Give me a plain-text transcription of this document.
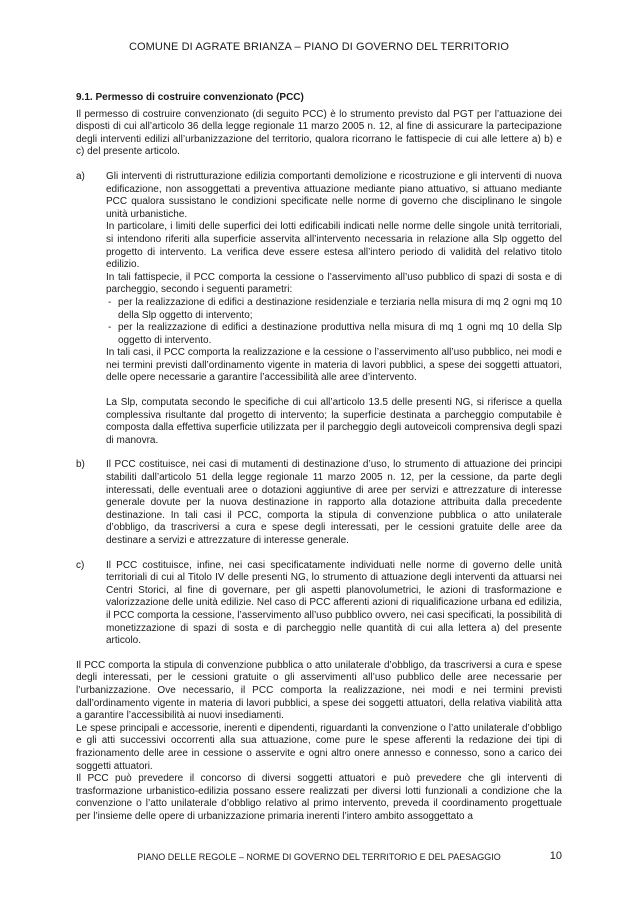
COMUNE DI AGRATE BRIANZA – PIANO DI GOVERNO DEL TERRITORIO

9.1. Permesso di costruire convenzionato (PCC)

Il permesso di costruire convenzionato (di seguito PCC) è lo strumento previsto dal PGT per l’attuazione dei disposti di cui all’articolo 36 della legge regionale 11 marzo 2005 n. 12, al fine di assicurare la partecipazione degli interventi edilizi all’urbanizzazione del territorio, qualora ricorrano le fattispecie di cui alle lettere a) b) e c) del presente articolo.

a) Gli interventi di ristrutturazione edilizia comportanti demolizione e ricostruzione e gli interventi di nuova edificazione, non assoggettati a preventiva attuazione mediante piano attuativo, si attuano mediante PCC qualora sussistano le condizioni specificate nelle norme di governo che disciplinano le singole unità urbanistiche.

In particolare, i limiti delle superfici dei lotti edificabili indicati nelle norme delle singole unità territoriali, si intendono riferiti alla superficie asservita all’intervento necessaria in relazione alla Slp oggetto del progetto di intervento. La verifica deve essere estesa all’intero periodo di validità del relativo titolo edilizio.

In tali fattispecie, il PCC comporta la cessione o l’asservimento all’uso pubblico di spazi di sosta e di parcheggio, secondo i seguenti parametri:

- per la realizzazione di edifici a destinazione residenziale e terziaria nella misura di mq 2 ogni mq 10 della Slp oggetto di intervento;

- per la realizzazione di edifici a destinazione produttiva nella misura di mq 1 ogni mq 10 della Slp oggetto di intervento.

In tali casi, il PCC comporta la realizzazione e la cessione o l’asservimento all’uso pubblico, nei modi e nei termini previsti dall’ordinamento vigente in materia di lavori pubblici, a spese dei soggetti attuatori, delle opere necessarie a garantire l’accessibilità alle aree d’intervento.

La Slp, computata secondo le specifiche di cui all’articolo 13.5 delle presenti NG, si riferisce a quella complessiva risultante dal progetto di intervento; la superficie destinata a parcheggio computabile è composta dalla effettiva superficie utilizzata per il parcheggio degli autoveicoli comprensiva degli spazi di manovra.

b) Il PCC costituisce, nei casi di mutamenti di destinazione d’uso, lo strumento di attuazione dei principi stabiliti dall’articolo 51 della legge regionale 11 marzo 2005 n. 12, per la cessione, da parte degli interessati, delle eventuali aree o dotazioni aggiuntive di aree per servizi e attrezzature di interesse generale dovute per la nuova destinazione in rapporto alla dotazione attribuita dalla precedente destinazione. In tali casi il PCC, comporta la stipula di convenzione pubblica o atto unilaterale d’obbligo, da trascriversi a cura e spese degli interessati, per le cessioni gratuite delle aree da destinare a servizi e attrezzature di interesse generale.

c) Il PCC costituisce, infine, nei casi specificatamente individuati nelle norme di governo delle unità territoriali di cui al Titolo IV delle presenti NG, lo strumento di attuazione degli interventi da attuarsi nei Centri Storici, al fine di governare, per gli aspetti planovolumetrici, le azioni di trasformazione e valorizzazione delle unità edilizie. Nel caso di PCC afferenti azioni di riqualificazione urbana ed edilizia, il PCC comporta la cessione, l’asservimento all’uso pubblico ovvero, nei casi specificati, la possibilità di monetizzazione di spazi di sosta e di parcheggio nelle quantità di cui alla lettera a) del presente articolo.

Il PCC comporta la stipula di convenzione pubblica o atto unilaterale d’obbligo, da trascriversi a cura e spese degli interessati, per le cessioni gratuite o gli asservimenti all’uso pubblico delle aree necessarie per l’urbanizzazione. Ove necessario, il PCC comporta la realizzazione, nei modi e nei termini previsti dall’ordinamento vigente in materia di lavori pubblici, a spese dei soggetti attuatori, della relativa viabilità atta a garantire l’accessibilità ai nuovi insediamenti.

Le spese principali e accessorie, inerenti e dipendenti, riguardanti la convenzione o l’atto unilaterale d’obbligo e gli atti successivi occorrenti alla sua attuazione, come pure le spese afferenti la redazione dei tipi di frazionamento delle aree in cessione o asservite e ogni altro onere annesso e connesso, sono a carico dei soggetti attuatori.

Il PCC può prevedere il concorso di diversi soggetti attuatori e può prevedere che gli interventi di trasformazione urbanistico-edilizia possano essere realizzati per diversi lotti funzionali a condizione che la convenzione o l’atto unilaterale d’obbligo relativo al primo intervento, preveda il coordinamento progettuale per l’insieme delle opere di urbanizzazione primaria inerenti l’intero ambito assoggettato a

PIANO DELLE REGOLE – NORME DI GOVERNO DEL TERRITORIO E DEL PAESAGGIO	10
